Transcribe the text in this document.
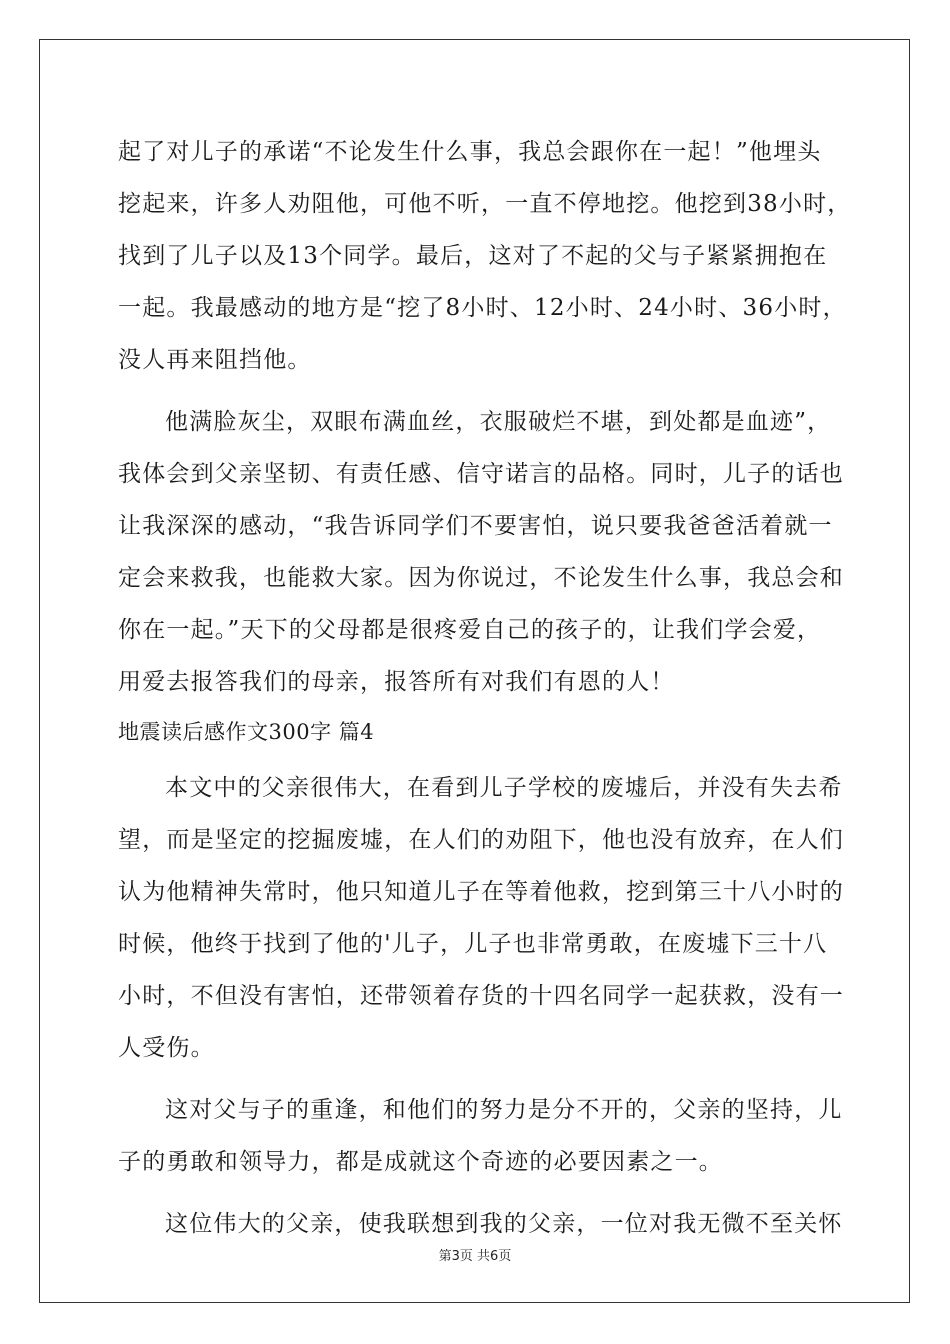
起了对儿子的承诺“不论发生什么事，我总会跟你在一起！”他埋头
挖起来，许多人劝阻他，可他不听，一直不停地挖。他挖到38小时，
找到了儿子以及13个同学。最后，这对了不起的父与子紧紧拥抱在
一起。我最感动的地方是“挖了8小时、12小时、24小时、36小时，
没人再来阻挡他。
他满脸灰尘，双眼布满血丝，衣服破烂不堪，到处都是血迹”，
我体会到父亲坚韧、有责任感、信守诺言的品格。同时，儿子的话也
让我深深的感动，“我告诉同学们不要害怕，说只要我爸爸活着就一
定会来救我，也能救大家。因为你说过，不论发生什么事，我总会和
你在一起。”天下的父母都是很疼爱自己的孩子的，让我们学会爱，
用爱去报答我们的母亲，报答所有对我们有恩的人！
地震读后感作文300字 篇4
本文中的父亲很伟大，在看到儿子学校的废墟后，并没有失去希
望，而是坚定的挖掘废墟，在人们的劝阻下，他也没有放弃，在人们
认为他精神失常时，他只知道儿子在等着他救，挖到第三十八小时的
时候，他终于找到了他的'儿子，儿子也非常勇敢，在废墟下三十八
小时，不但没有害怕，还带领着存货的十四名同学一起获救，没有一
人受伤。
这对父与子的重逢，和他们的努力是分不开的，父亲的坚持，儿
子的勇敢和领导力，都是成就这个奇迹的必要因素之一。
这位伟大的父亲，使我联想到我的父亲，一位对我无微不至关怀
第3页 共6页
